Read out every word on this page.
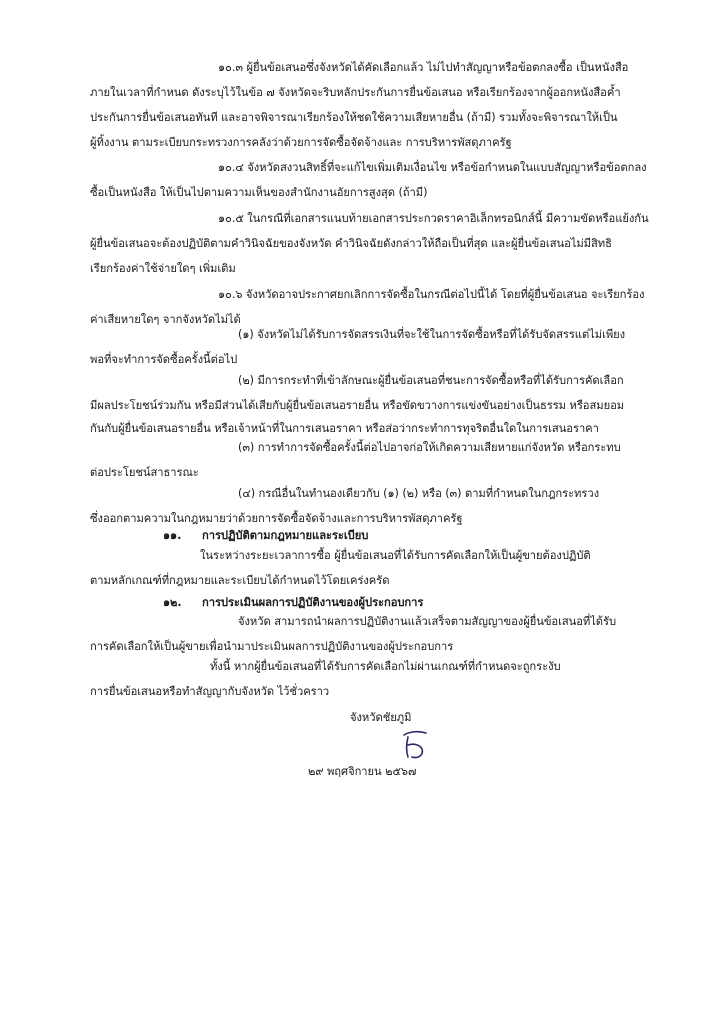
๑๐.๓ ผู้ยื่นข้อเสนอซึ่งจังหวัดได้คัดเลือกแล้ว ไม่ไปทำสัญญาหรือข้อตกลงซื้อ เป็นหนังสือ
ภายในเวลาที่กำหนด ดังระบุไว้ในข้อ ๗ จังหวัดจะริบหลักประกันการยื่นข้อเสนอ หรือเรียกร้องจากผู้ออกหนังสือค้ำ
ประกันการยื่นข้อเสนอทันที และอาจพิจารณาเรียกร้องให้ชดใช้ความเสียหายอื่น (ถ้ามี) รวมทั้งจะพิจารณาให้เป็น
ผู้ทิ้งงาน ตามระเบียบกระทรวงการคลังว่าด้วยการจัดซื้อจัดจ้างและ การบริหารพัสดุภาครัฐ
๑๐.๔ จังหวัดสงวนสิทธิ์ที่จะแก้ไขเพิ่มเติมเงื่อนไข หรือข้อกำหนดในแบบสัญญาหรือข้อตกลง
ซื้อเป็นหนังสือ ให้เป็นไปตามความเห็นของสำนักงานอัยการสูงสุด (ถ้ามี)
๑๐.๕ ในกรณีที่เอกสารแนบท้ายเอกสารประกวดราคาอิเล็กทรอนิกส์นี้ มีความขัดหรือแย้งกัน
ผู้ยื่นข้อเสนอจะต้องปฏิบัติตามคำวินิจฉัยของจังหวัด คำวินิจฉัยดังกล่าวให้ถือเป็นที่สุด และผู้ยื่นข้อเสนอไม่มีสิทธิ
เรียกร้องค่าใช้จ่ายใดๆ เพิ่มเติม
๑๐.๖ จังหวัดอาจประกาศยกเลิกการจัดซื้อในกรณีต่อไปนี้ได้ โดยที่ผู้ยื่นข้อเสนอ จะเรียกร้อง
ค่าเสียหายใดๆ จากจังหวัดไม่ได้
(๑) จังหวัดไม่ได้รับการจัดสรรเงินที่จะใช้ในการจัดซื้อหรือที่ได้รับจัดสรรแต่ไม่เพียง
พอที่จะทำการจัดซื้อครั้งนี้ต่อไป
(๒) มีการกระทำที่เข้าลักษณะผู้ยื่นข้อเสนอที่ชนะการจัดซื้อหรือที่ได้รับการคัดเลือก
มีผลประโยชน์ร่วมกัน หรือมีส่วนได้เสียกับผู้ยื่นข้อเสนอรายอื่น หรือขัดขวางการแข่งขันอย่างเป็นธรรม หรือสมยอม
กันกับผู้ยื่นข้อเสนอรายอื่น หรือเจ้าหน้าที่ในการเสนอราคา หรือส่อว่ากระทำการทุจริตอื่นใดในการเสนอราคา
(๓) การทำการจัดซื้อครั้งนี้ต่อไปอาจก่อให้เกิดความเสียหายแก่จังหวัด หรือกระทบ
ต่อประโยชน์สาธารณะ
(๔) กรณีอื่นในทำนองเดียวกับ (๑) (๒) หรือ (๓) ตามที่กำหนดในกฎกระทรวง
ซึ่งออกตามความในกฎหมายว่าด้วยการจัดซื้อจัดจ้างและการบริหารพัสดุภาครัฐ
๑๑. การปฏิบัติตามกฎหมายและระเบียบ
ในระหว่างระยะเวลาการซื้อ ผู้ยื่นข้อเสนอที่ได้รับการคัดเลือกให้เป็นผู้ขายต้องปฏิบัติ
ตามหลักเกณฑ์ที่กฎหมายและระเบียบได้กำหนดไว้โดยเคร่งครัด
๑๒. การประเมินผลการปฏิบัติงานของผู้ประกอบการ
จังหวัด สามารถนำผลการปฏิบัติงานแล้วเสร็จตามสัญญาของผู้ยื่นข้อเสนอที่ได้รับ
การคัดเลือกให้เป็นผู้ขายเพื่อนำมาประเมินผลการปฏิบัติงานของผู้ประกอบการ
ทั้งนี้ หากผู้ยื่นข้อเสนอที่ได้รับการคัดเลือกไม่ผ่านเกณฑ์ที่กำหนดจะถูกระงับ
การยื่นข้อเสนอหรือทำสัญญากับจังหวัด ไว้ชั่วคราว
จังหวัดชัยภูมิ
๒๙ พฤศจิกายน ๒๕๖๗
